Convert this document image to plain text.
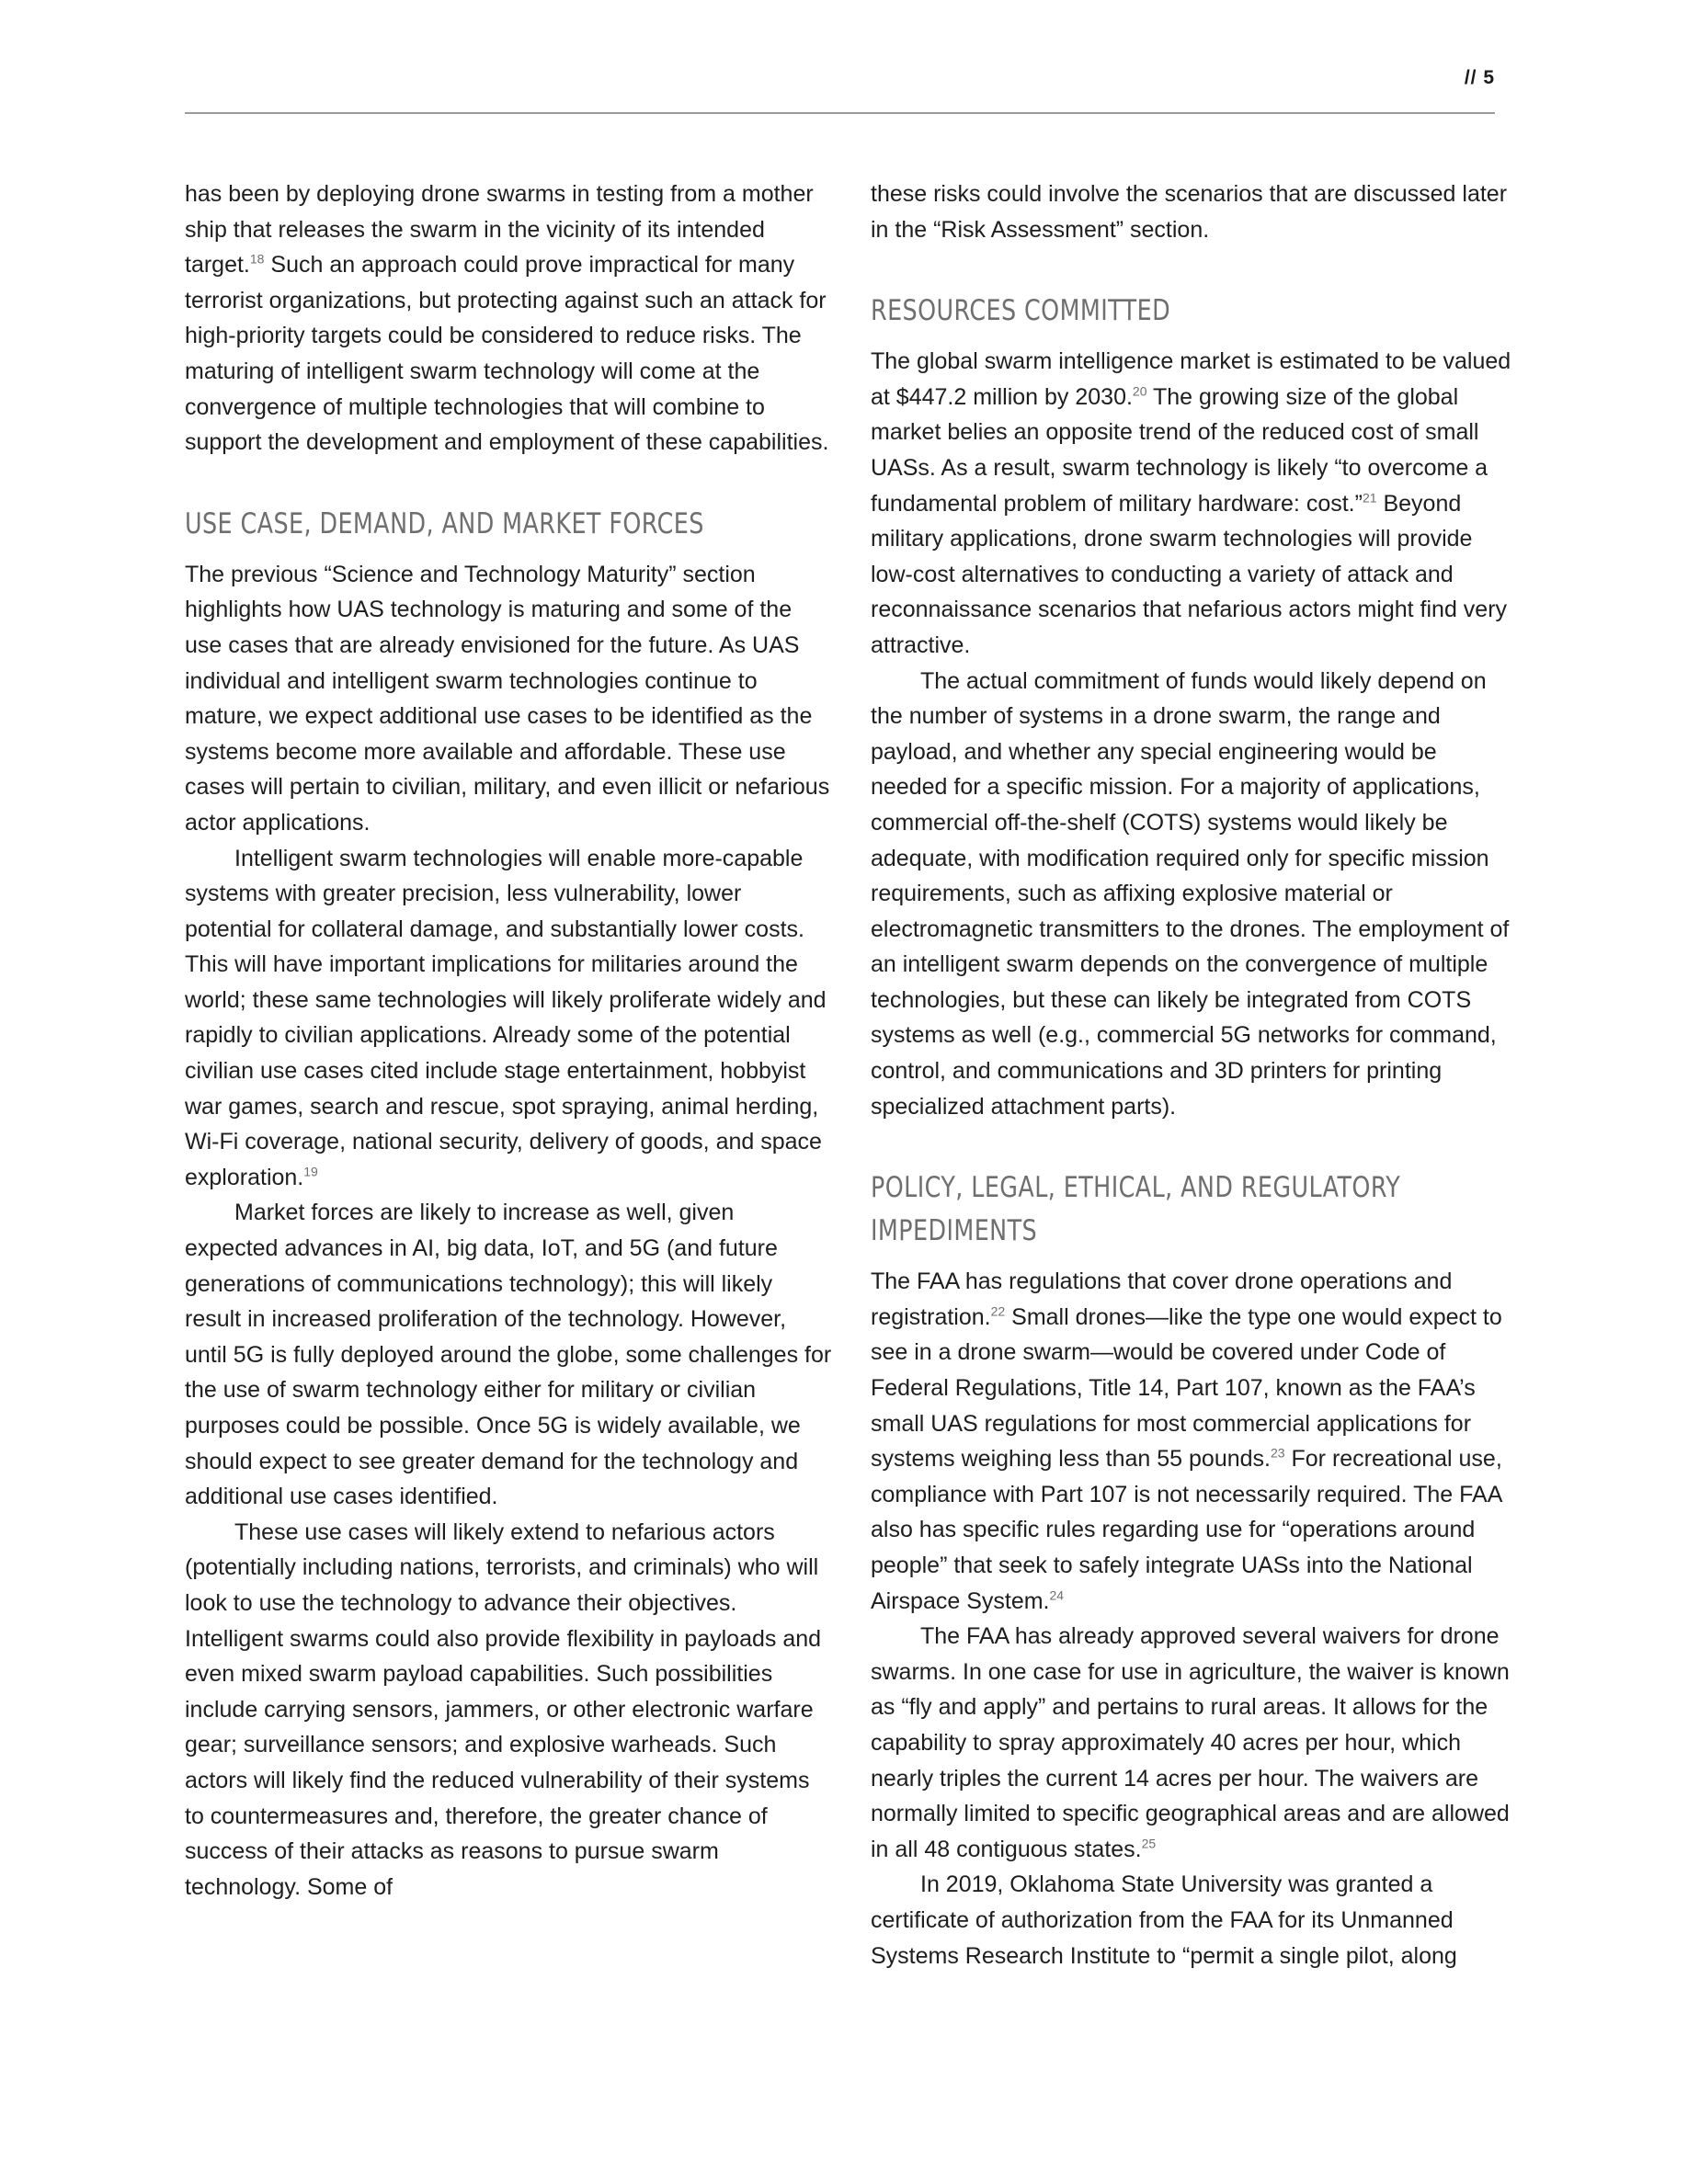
// 5

has been by deploying drone swarms in testing from a mother ship that releases the swarm in the vicinity of its intended target.$^{18}$ Such an approach could prove impractical for many terrorist organizations, but protecting against such an attack for high-priority targets could be considered to reduce risks. The maturing of intelligent swarm technology will come at the convergence of multiple technologies that will combine to support the development and employment of these capabilities.

USE CASE, DEMAND, AND MARKET FORCES

The previous “Science and Technology Maturity” section highlights how UAS technology is maturing and some of the use cases that are already envisioned for the future. As UAS individual and intelligent swarm technologies continue to mature, we expect additional use cases to be identified as the systems become more available and affordable. These use cases will pertain to civilian, military, and even illicit or nefarious actor applications.

Intelligent swarm technologies will enable more-capable systems with greater precision, less vulnerability, lower potential for collateral damage, and substantially lower costs. This will have important implications for militaries around the world; these same technologies will likely proliferate widely and rapidly to civilian applications. Already some of the potential civilian use cases cited include stage entertainment, hobbyist war games, search and rescue, spot spraying, animal herding, Wi-Fi coverage, national security, delivery of goods, and space exploration.$^{19}$

Market forces are likely to increase as well, given expected advances in AI, big data, IoT, and 5G (and future generations of communications technology); this will likely result in increased proliferation of the technology. However, until 5G is fully deployed around the globe, some challenges for the use of swarm technology either for military or civilian purposes could be possible. Once 5G is widely available, we should expect to see greater demand for the technology and additional use cases identified.

These use cases will likely extend to nefarious actors (potentially including nations, terrorists, and criminals) who will look to use the technology to advance their objectives. Intelligent swarms could also provide flexibility in payloads and even mixed swarm payload capabilities. Such possibilities include carrying sensors, jammers, or other electronic warfare gear; surveillance sensors; and explosive warheads. Such actors will likely find the reduced vulnerability of their systems to countermeasures and, therefore, the greater chance of success of their attacks as reasons to pursue swarm technology. Some of

these risks could involve the scenarios that are discussed later in the “Risk Assessment” section.

RESOURCES COMMITTED

The global swarm intelligence market is estimated to be valued at $447.2 million by 2030.20 The growing size of the global market belies an opposite trend of the reduced cost of small UASs. As a result, swarm technology is likely “to overcome a fundamental problem of military hardware: cost.”$^{21}$ Beyond military applications, drone swarm technologies will provide low-cost alternatives to conducting a variety of attack and reconnaissance scenarios that nefarious actors might find very attractive.

The actual commitment of funds would likely depend on the number of systems in a drone swarm, the range and payload, and whether any special engineering would be needed for a specific mission. For a majority of applications, commercial off-the-shelf (COTS) systems would likely be adequate, with modification required only for specific mission requirements, such as affixing explosive material or electromagnetic transmitters to the drones. The employment of an intelligent swarm depends on the convergence of multiple technologies, but these can likely be integrated from COTS systems as well (e.g., commercial 5G networks for command, control, and communications and 3D printers for printing specialized attachment parts).

POLICY, LEGAL, ETHICAL, AND REGULATORY IMPEDIMENTS

The FAA has regulations that cover drone operations and registration.$^{22}$ Small drones—like the type one would expect to see in a drone swarm—would be covered under Code of Federal Regulations, Title 14, Part 107, known as the FAA’s small UAS regulations for most commercial applications for systems weighing less than 55 pounds.$^{23}$ For recreational use, compliance with Part 107 is not necessarily required. The FAA also has specific rules regarding use for “operations around people” that seek to safely integrate UASs into the National Airspace System.$^{24}$

The FAA has already approved several waivers for drone swarms. In one case for use in agriculture, the waiver is known as “fly and apply” and pertains to rural areas. It allows for the capability to spray approximately 40 acres per hour, which nearly triples the current 14 acres per hour. The waivers are normally limited to specific geographical areas and are allowed in all 48 contiguous states.$^{25}$

In 2019, Oklahoma State University was granted a certificate of authorization from the FAA for its Unmanned Systems Research Institute to “permit a single pilot, along
